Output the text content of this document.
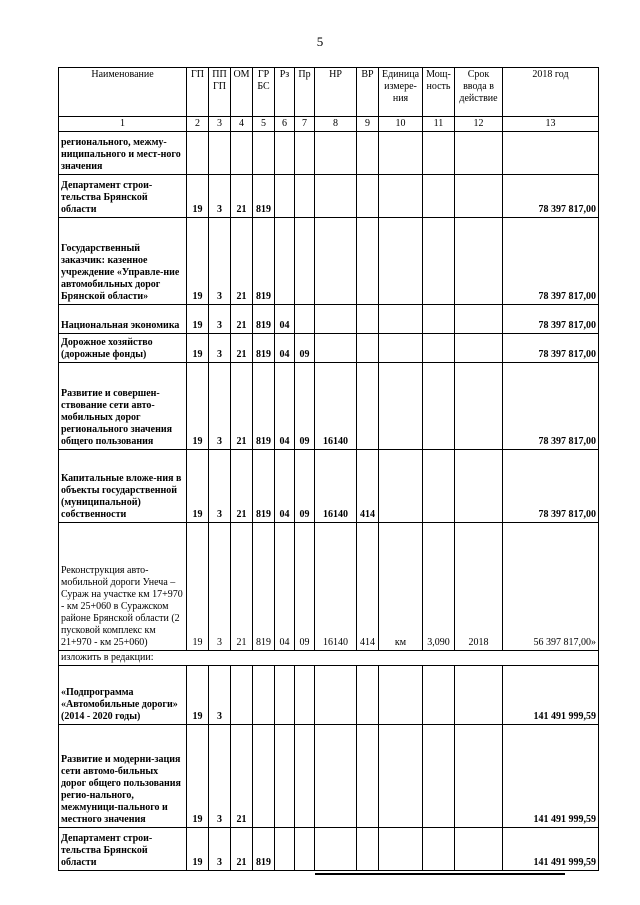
5
Наименование	ГП	ПП ГП	ОМ	ГР БС	Рз	Пр	НР	ВР	Единица измере-ния	Мощ-ность	Срок ввода в действие	2018 год
1	2	3	4	5	6	7	8	9	10	11	12	13
регионального, межму-ниципального и мест-ного значения												
Департамент строи-тельства Брянской области	19	3	21	819								78 397 817,00
Государственный заказчик: казенное учреждение «Управле-ние автомобильных дорог Брянской области»	19	3	21	819								78 397 817,00
Национальная экономика	19	3	21	819	04							78 397 817,00
Дорожное хозяйство (дорожные фонды)	19	3	21	819	04	09						78 397 817,00
Развитие и совершен-ствование сети авто-мобильных дорог регионального значения общего пользования	19	3	21	819	04	09	16140					78 397 817,00
Капитальные вложе-ния в объекты государственной (муниципальной) собственности	19	3	21	819	04	09	16140	414				78 397 817,00
Реконструкция авто-мобильной дороги Унеча – Сураж на участке км 17+970 - км 25+060 в Суражском районе Брянской области (2 пусковой комплекс км 21+970 - км 25+060)	19	3	21	819	04	09	16140	414	км	3,090	2018	56 397 817,00»
изложить в редакции:												
«Подпрограмма «Автомобильные дороги» (2014 - 2020 годы)	19	3										141 491 999,59
Развитие и модерни-зация сети автомо-бильных дорог общего пользования регио-нального, межмуници-пального и местного значения	19	3	21									141 491 999,59
Департамент строи-тельства Брянской области	19	3	21	819								141 491 999,59
